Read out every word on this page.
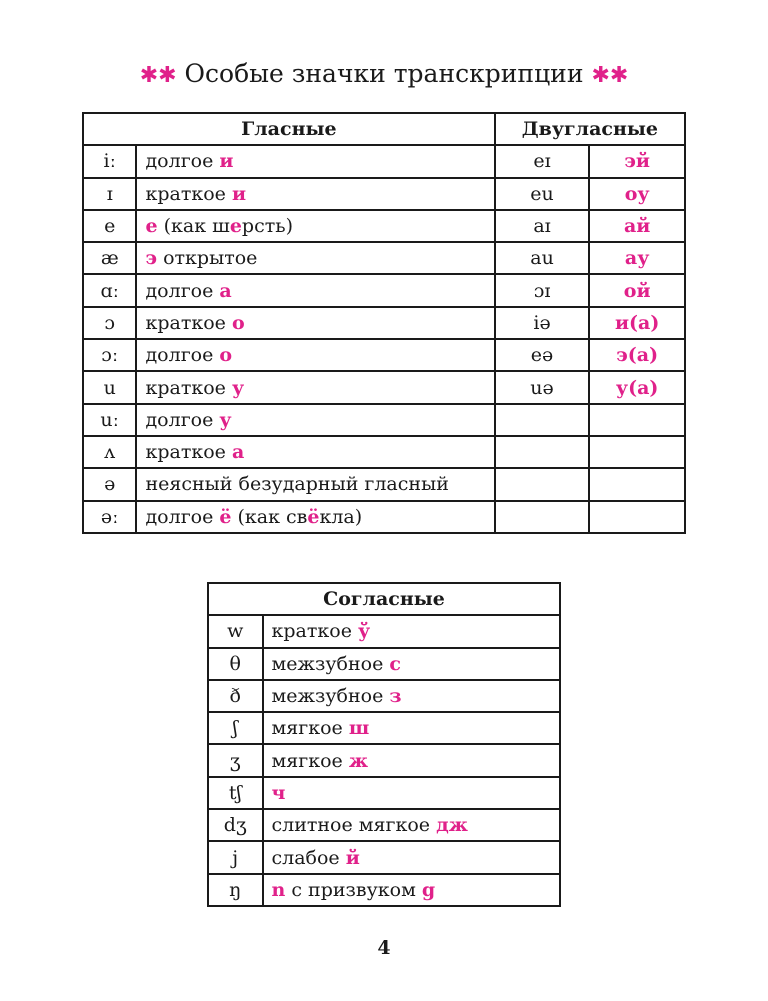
✱✱ Особые значки транскрипции ✱✱
Гласные		Двугласные	
iː	долгое и	eɪ	эй
ɪ	краткое и	eu	оу
e	е (как шерсть)	aɪ	ай
æ	э открытое	au	ау
ɑː	долгое а	ɔɪ	ой
ɔ	краткое о	iə	и(а)
ɔː	долгое о	eə	э(а)
u	краткое у	uə	у(а)
uː	долгое у		
ʌ	краткое а		
ə	неясный безударный гласный		
əː	долгое ё (как свёкла)		
Согласные	
w	краткое ў
θ	межзубное с
ð	межзубное з
ʃ	мягкое ш
ʒ	мягкое ж
tʃ	ч
dʒ	слитное мягкое дж
j	слабое й
ŋ	n с призвуком g
4
